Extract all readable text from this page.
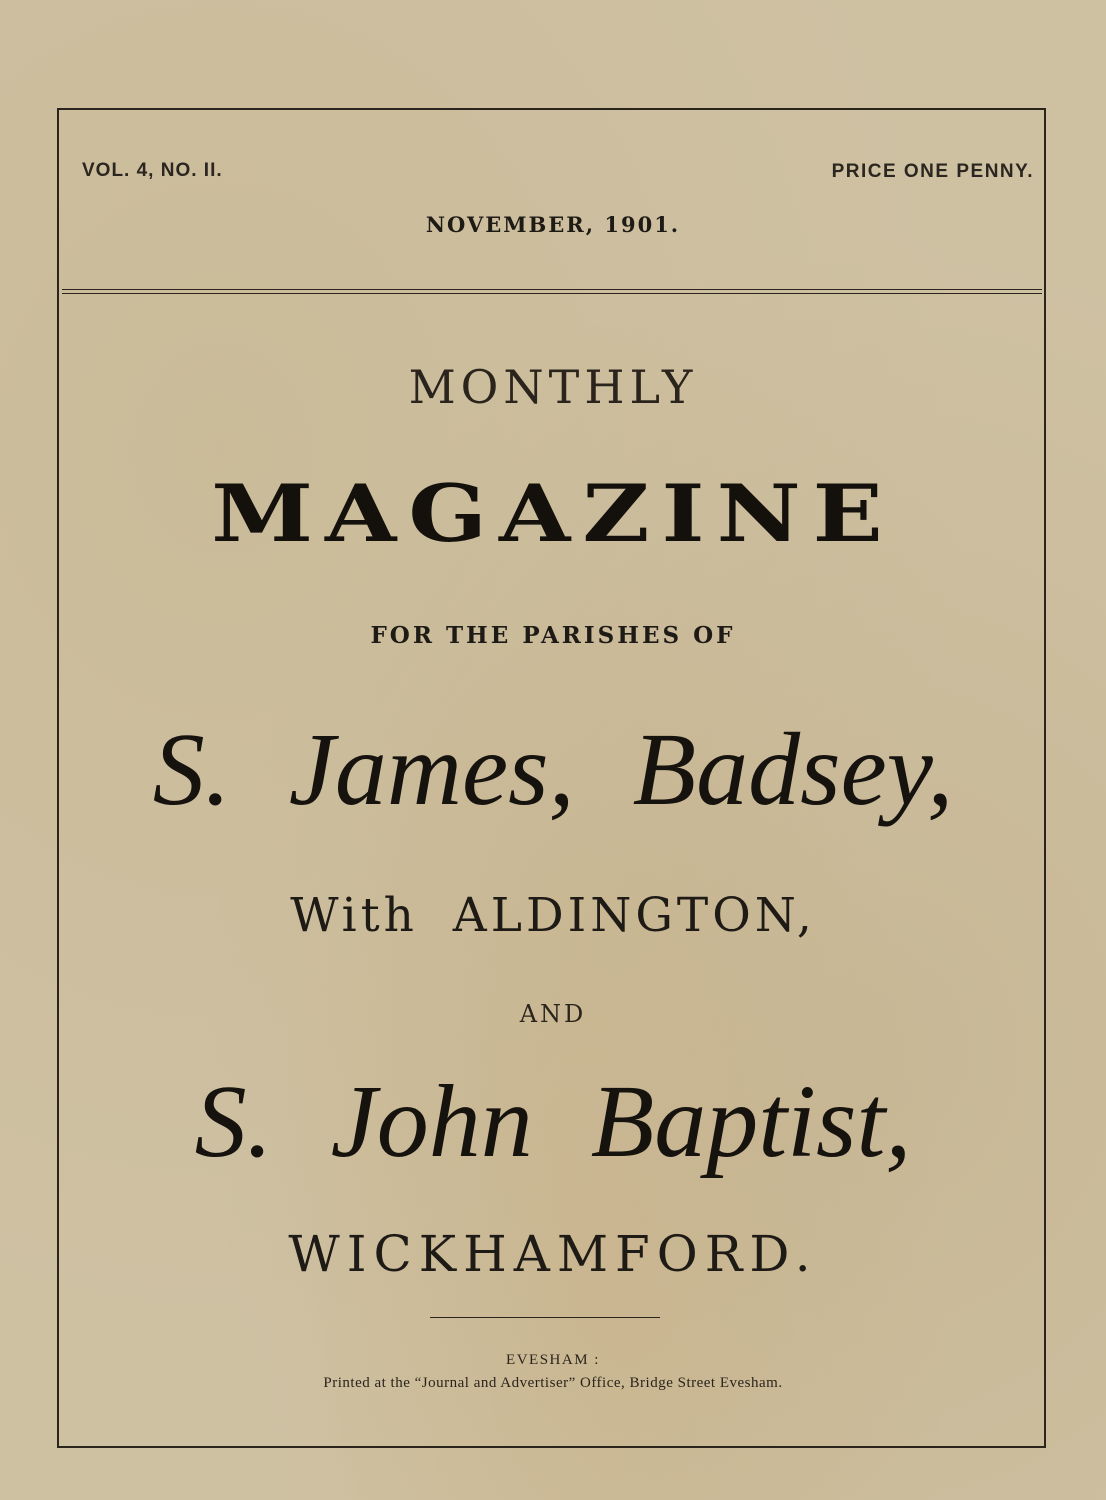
VOL. 4, NO. II.	PRICE ONE PENNY.
NOVEMBER, 1901.
MONTHLY
MAGAZINE
FOR THE PARISHES OF
S. James, Badsey,
With ALDINGTON,
AND
S. John Baptist,
WICKHAMFORD.
EVESHAM :
Printed at the “Journal and Advertiser” Office, Bridge Street Evesham.
